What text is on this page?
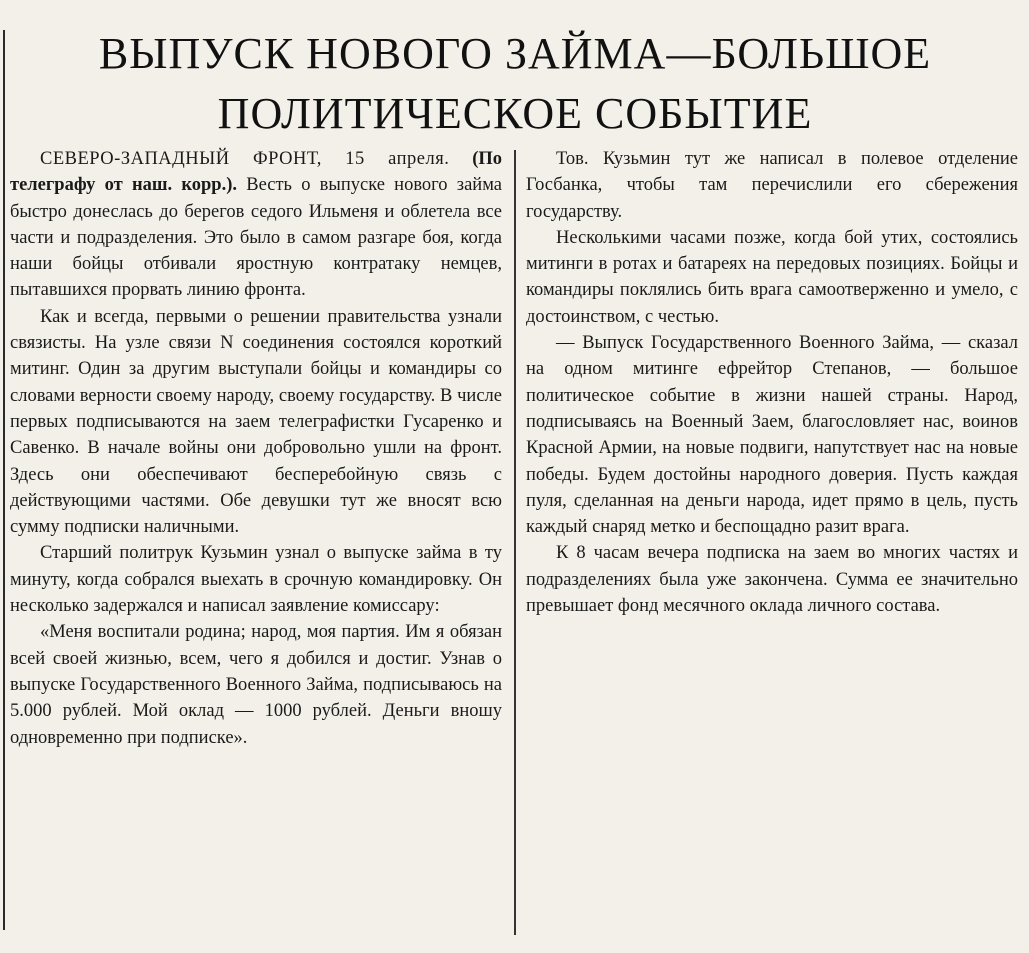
ВЫПУСК НОВОГО ЗАЙМА—БОЛЬШОЕ
ПОЛИТИЧЕСКОЕ СОБЫТИЕ

СЕВЕРО-ЗАПАДНЫЙ ФРОНТ, 15 апреля. (По телеграфу от наш. корр.). Весть о выпуске нового займа быстро донеслась до берегов седого Ильменя и облетела все части и подразделения. Это было в самом разгаре боя, когда наши бойцы отбивали яростную контратаку немцев, пытавшихся прорвать линию фронта.

Как и всегда, первыми о решении правительства узнали связисты. На узле связи N соединения состоялся короткий митинг. Один за другим выступали бойцы и командиры со словами верности своему народу, своему государству. В числе первых подписываются на заем телеграфистки Гусаренко и Савенко. В начале войны они добровольно ушли на фронт. Здесь они обеспечивают бесперебойную связь с действующими частями. Обе девушки тут же вносят всю сумму подписки наличными.

Старший политрук Кузьмин узнал о выпуске займа в ту минуту, когда собрался выехать в срочную командировку. Он несколько задержался и написал заявление комиссару:

«Меня воспитали родина; народ, моя партия. Им я обязан всей своей жизнью, всем, чего я добился и достиг. Узнав о выпуске Государственного Военного Займа, подписываюсь на 5.000 рублей. Мой оклад — 1000 рублей. Деньги вношу одновременно при подписке».

Тов. Кузьмин тут же написал в полевое отделение Госбанка, чтобы там перечислили его сбережения государству.

Несколькими часами позже, когда бой утих, состоялись митинги в ротах и батареях на передовых позициях. Бойцы и командиры поклялись бить врага самоотверженно и умело, с достоинством, с честью.

— Выпуск Государственного Военного Займа, — сказал на одном митинге ефрейтор Степанов, — большое политическое событие в жизни нашей страны. Народ, подписываясь на Военный Заем, благословляет нас, воинов Красной Армии, на новые подвиги, напутствует нас на новые победы. Будем достойны народного доверия. Пусть каждая пуля, сделанная на деньги народа, идет прямо в цель, пусть каждый снаряд метко и беспощадно разит врага.

К 8 часам вечера подписка на заем во многих частях и подразделениях была уже закончена. Сумма ее значительно превышает фонд месячного оклада личного состава.
